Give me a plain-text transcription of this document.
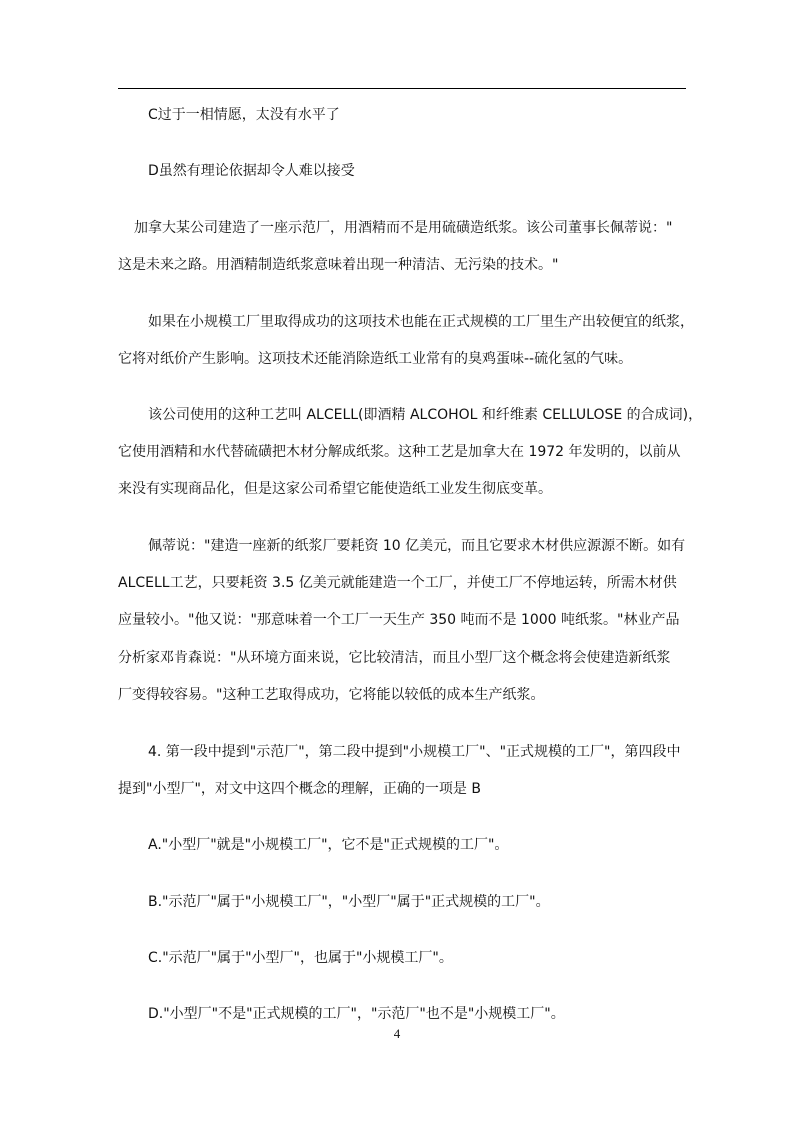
C过于一相情愿，太没有水平了
D虽然有理论依据却令人难以接受
加拿大某公司建造了一座示范厂，用酒精而不是用硫磺造纸浆。该公司董事长佩蒂说："
这是未来之路。用酒精制造纸浆意味着出现一种清洁、无污染的技术。"
如果在小规模工厂里取得成功的这项技术也能在正式规模的工厂里生产出较便宜的纸浆，
它将对纸价产生影响。这项技术还能消除造纸工业常有的臭鸡蛋味--硫化氢的气味。
该公司使用的这种工艺叫 ALCELL(即酒精 ALCOHOL 和纤维素 CELLULOSE 的合成词)，
它使用酒精和水代替硫磺把木材分解成纸浆。这种工艺是加拿大在 1972 年发明的，以前从
来没有实现商品化，但是这家公司希望它能使造纸工业发生彻底变革。
佩蒂说："建造一座新的纸浆厂要耗资 10 亿美元，而且它要求木材供应源源不断。如有
ALCELL工艺，只要耗资 3.5 亿美元就能建造一个工厂，并使工厂不停地运转，所需木材供
应量较小。"他又说："那意味着一个工厂一天生产 350 吨而不是 1000 吨纸浆。"林业产品
分析家邓肯森说："从环境方面来说，它比较清洁，而且小型厂这个概念将会使建造新纸浆
厂变得较容易。"这种工艺取得成功，它将能以较低的成本生产纸浆。
4. 第一段中提到"示范厂"，第二段中提到"小规模工厂"、"正式规模的工厂"，第四段中
提到"小型厂"，对文中这四个概念的理解，正确的一项是 B
A."小型厂"就是"小规模工厂"，它不是"正式规模的工厂"。
B."示范厂"属于"小规模工厂"，"小型厂"属于"正式规模的工厂"。
C."示范厂"属于"小型厂"，也属于"小规模工厂"。
D."小型厂"不是"正式规模的工厂"，"示范厂"也不是"小规模工厂"。
4
